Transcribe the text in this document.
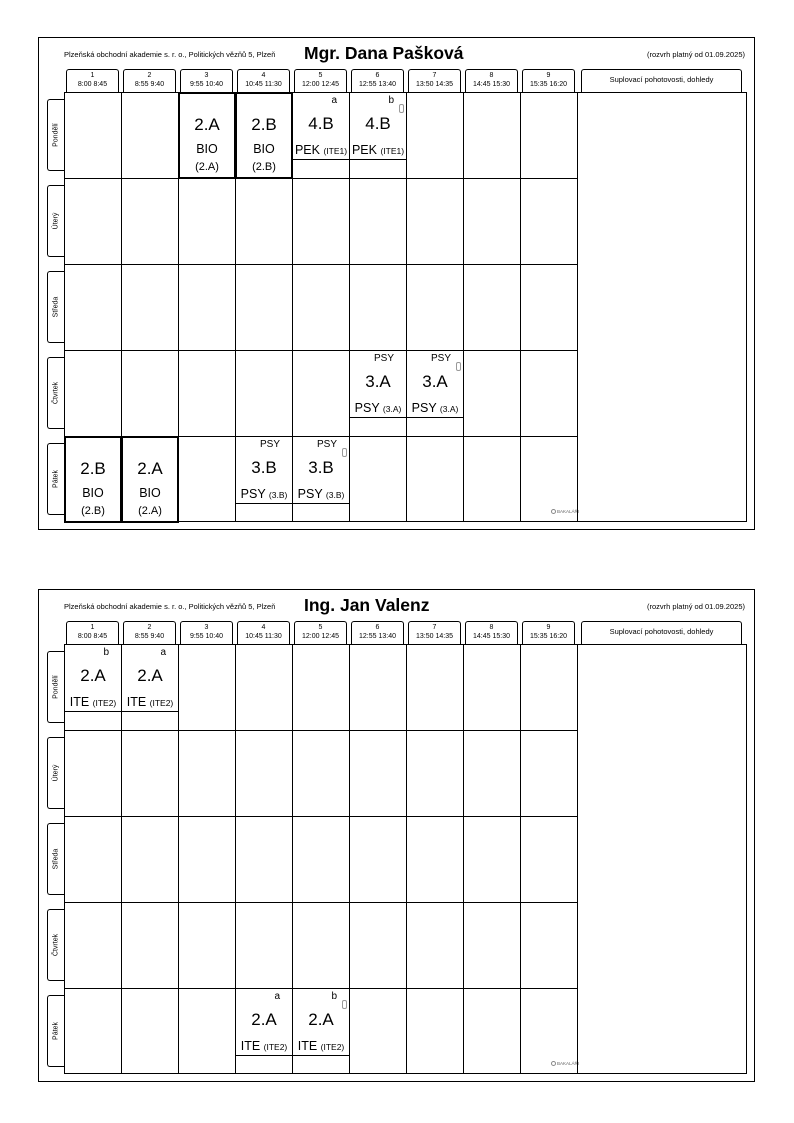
Plzeňská obchodní akademie s. r. o., Politických vězňů 5, Plzeň Mgr. Dana Pašková	(rozvrh platný od 01.09.2025)
Suplovací pohotovosti, dohledy
BAKALÁŘI
2.A
BIO
(2.A)
2.B
BIO
(2.B)
a
4.B
PEK (ITE1)
b
4.B
PEK (ITE1)
PSY
3.A
PSY (3.A)
PSY
3.A
PSY (3.A)
2.B
BIO
(2.B)
2.A
BIO
(2.A)
PSY
3.B
PSY (3.B)
PSY
3.B
PSY (3.B)
1
8:00 8:45
2
8:55 9:40
3
9:55 10:40
4
10:45 11:30
5
12:00 12:45
6
12:55 13:40
7
13:50 14:35
8
14:45 15:30
9
15:35 16:20
Pondělí
Úterý
Středa
Čtvrtek
Pátek
Plzeňská obchodní akademie s. r. o., Politických vězňů 5, Plzeň Ing. Jan Valenz	(rozvrh platný od 01.09.2025)
Suplovací pohotovosti, dohledy
BAKALÁŘI
b
2.A
ITE (ITE2)
a
2.A
ITE (ITE2)
a
2.A
ITE (ITE2)
b
2.A
ITE (ITE2)
1
8:00 8:45
2
8:55 9:40
3
9:55 10:40
4
10:45 11:30
5
12:00 12:45
6
12:55 13:40
7
13:50 14:35
8
14:45 15:30
9
15:35 16:20
Pondělí
Úterý
Středa
Čtvrtek
Pátek
